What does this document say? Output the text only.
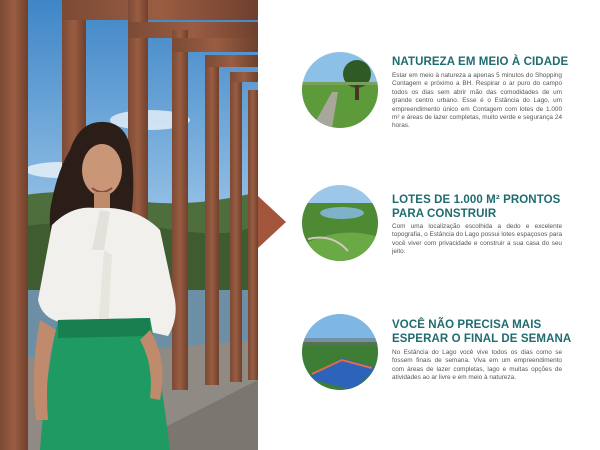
NATUREZA EM MEIO À CIDADE

Estar em meio à natureza a apenas 5 minutos do Shopping Contagem e próximo a BH. Respirar o ar puro do campo todos os dias sem abrir mão das comodidades de um grande centro urbano. Esse é o Estância do Lago, um empreendimento único em Contagem com lotes de 1.000 m² e áreas de lazer completas, muito verde e segurança 24 horas.

LOTES DE 1.000 M² PRONTOS PARA CONSTRUIR

Com uma localização escolhida a dedo e excelente topografia, o Estância do Lago possui lotes espaçosos para você viver com privacidade e construir a sua casa do seu jeito.

VOCÊ NÃO PRECISA MAIS ESPERAR O FINAL DE SEMANA

No Estância do Lago você vive todos os dias como se fossem finais de semana. Viva em um empreendimento com áreas de lazer completas, lago e muitas opções de atividades ao ar livre e em meio à natureza.
